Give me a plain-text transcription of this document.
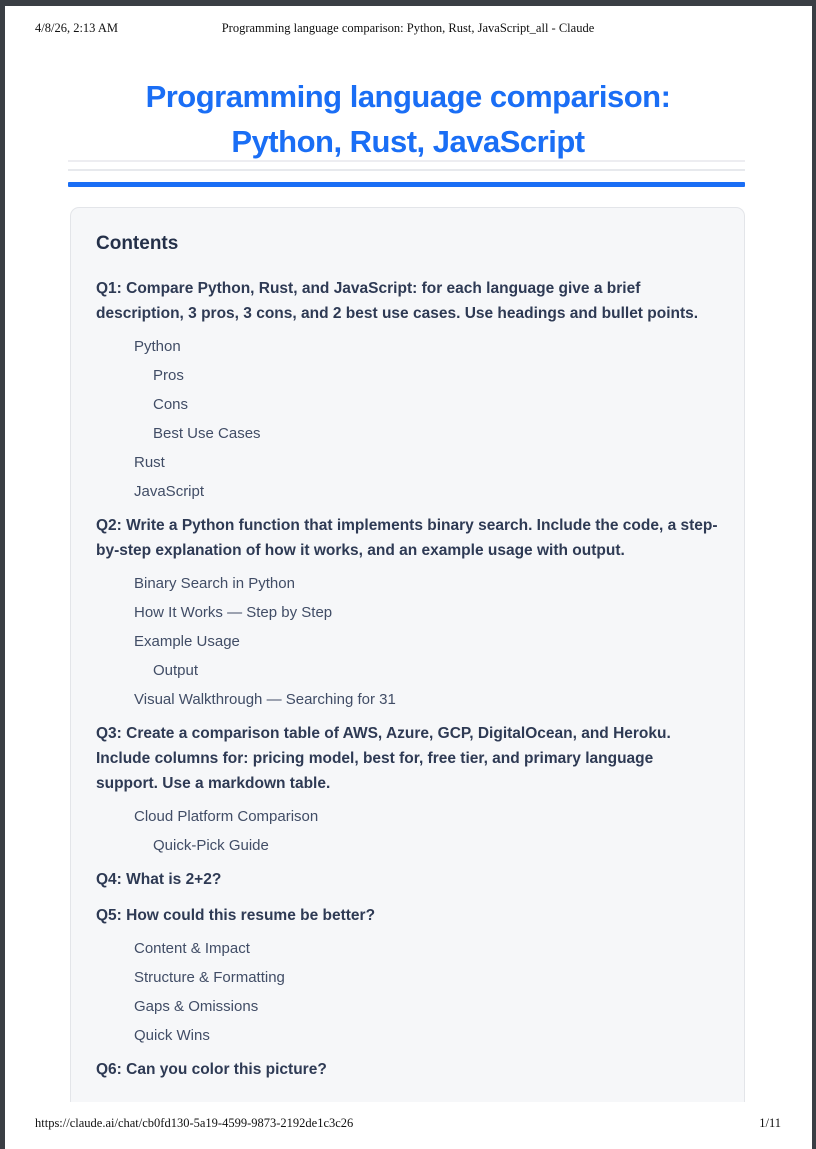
4/8/26, 2:13 AM	Programming language comparison: Python, Rust, JavaScript_all - Claude
Programming language comparison:
Python, Rust, JavaScript
Contents
Q1: Compare Python, Rust, and JavaScript: for each language give a brief description, 3 pros, 3 cons, and 2 best use cases. Use headings and bullet points.
Python
Pros
Cons
Best Use Cases
Rust
JavaScript
Q2: Write a Python function that implements binary search. Include the code, a step-by-step explanation of how it works, and an example usage with output.
Binary Search in Python
How It Works — Step by Step
Example Usage
Output
Visual Walkthrough — Searching for 31
Q3: Create a comparison table of AWS, Azure, GCP, DigitalOcean, and Heroku. Include columns for: pricing model, best for, free tier, and primary language support. Use a markdown table.
Cloud Platform Comparison
Quick-Pick Guide
Q4: What is 2+2?
Q5: How could this resume be better?
Content & Impact
Structure & Formatting
Gaps & Omissions
Quick Wins
Q6: Can you color this picture?
https://claude.ai/chat/cb0fd130-5a19-4599-9873-2192de1c3c26	1/11
